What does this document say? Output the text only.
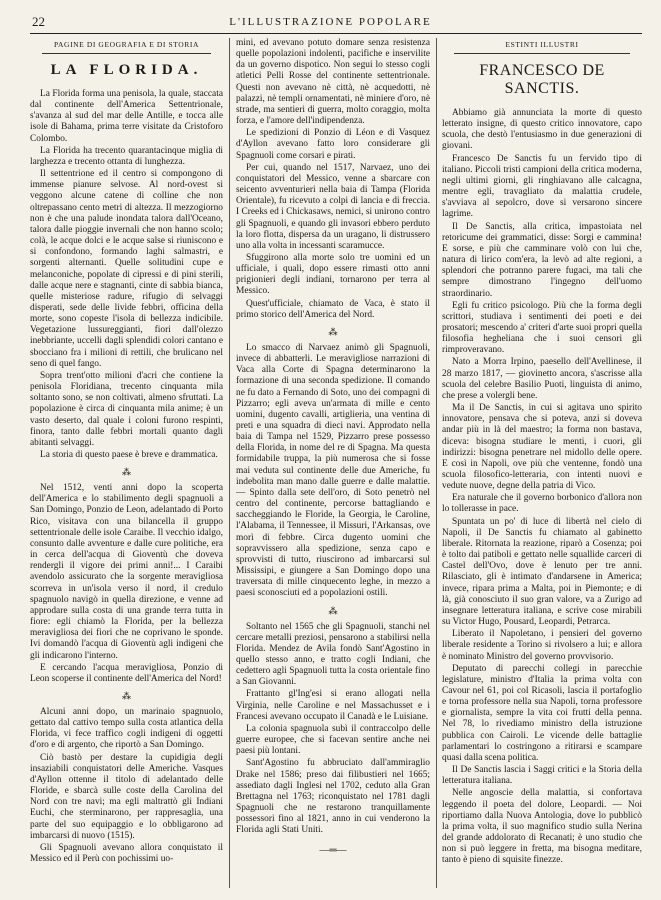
22	L'ILLUSTRAZIONE POPOLARE
PAGINE DI GEOGRAFIA E DI STORIA
LA FLORIDA.

La Florida forma una penisola, la quale, staccata dal continente dell'America Settentrionale, s'avanza al sud del mar delle Antille, e tocca alle isole di Bahama, prima terre visitate da Cristoforo Colombo.

La Florida ha trecento quarantacinque miglia di larghezza e trecento ottanta di lunghezza.

Il settentrione ed il centro si compongono di immense pianure selvose. Al nord-ovest si veggono alcune catene di colline che non oltrepassano cento metri di altezza. Il mezzogiorno non è che una palude inondata talora dall'Oceano, talora dalle pioggie invernali che non hanno scolo; colà, le acque dolci e le acque salse si riuniscono e si confondono, formando laghi salmastri, e sorgenti alternanti. Quelle solitudini cupe e melanconiche, popolate di cipressi e di pini sterili, dalle acque nere e stagnanti, cinte di sabbia bianca, quelle misteriose radure, rifugio di selvaggi disperati, sede delle livide febbri, officina della morte, sono copeste l'isola di bellezza indicibile. Vegetazione lussureggianti, fiori dall'olezzo inebbriante, uccelli dagli splendidi colori cantano e sbocciano fra i milioni di rettili, che brulicano nel seno di quel fango.

Sopra trent'otto milioni d'acri che contiene la penisola Floridiana, trecento cinquanta mila soltanto sono, se non coltivati, almeno sfruttati. La popolazione è circa di cinquanta mila anime; è un vasto deserto, dal quale i coloni furono respinti, finora, tanto dalle febbri mortali quanto dagli abitanti selvaggi.

La storia di questo paese è breve e drammatica.

⁂

Nel 1512, venti anni dopo la scoperta dell'America e lo stabilimento degli spagnuoli a San Domingo, Ponzio de Leon, adelantado di Porto Rico, visitava con una bilancella il gruppo settentrionale delle isole Caraibe. Il vecchio idalgo, consunto dalle avventure e dalle cure politiche, era in cerca dell'acqua di Gioventù che doveva rendergli il vigore dei primi anni!... I Caraibi avendolo assicurato che la sorgente meravigliosa scorreva in un'isola verso il nord, il credulo spagnuolo navigò in quella direzione, e venne ad approdare sulla costa di una grande terra tutta in fiore: egli chiamò la Florida, per la bellezza meravigliosa dei fiori che ne coprivano le sponde. Ivi domandò l'acqua di Gioventù agli indigeni che gli indicarono l'interno.

E cercando l'acqua meravigliosa, Ponzio di Leon scoperse il continente dell'America del Nord!

⁂

Alcuni anni dopo, un marinaio spagnuolo, gettato dal cattivo tempo sulla costa atlantica della Florida, vi fece traffico cogli indigeni di oggetti d'oro e di argento, che riportò a San Domingo.

Ciò bastò per destare la cupidigia degli insaziabili conquistatori delle Americhe. Vasques d'Ayllon ottenne il titolo di adelantado delle Floride, e sbarcà sulle coste della Carolina del Nord con tre navi; ma egli maltrattò gli Indiani Euchi, che sterminarono, per rappresaglia, una parte del suo equipaggio e lo obbligarono ad imbarcarsi di nuovo (1515).

Gli Spagnuoli avevano allora conquistato il Messico ed il Perù con pochissimi uo-

mini, ed avevano potuto domare senza resistenza quelle popolazioni indolenti, pacifiche e inservilite da un governo dispotico. Non segui lo stesso cogli atletici Pelli Rosse del continente settentrionale. Questi non avevano nè città, nè acquedotti, nè palazzi, nè templi ornamentati, nè miniere d'oro, nè strade, ma sentieri di guerra, molto coraggio, molta forza, e l'amore dell'indipendenza.

Le spedizioni di Ponzio di Léon e di Vasquez d'Ayllon avevano fatto loro considerare gli Spagnuoli come corsari e pirati.

Per cui, quando nel 1517, Narvaez, uno dei conquistatori del Messico, venne a sbarcare con seicento avventurieri nella baia di Tampa (Florida Orientale), fu ricevuto a colpi di lancia e di freccia. I Creeks ed i Chickasaws, nemici, si unirono contro gli Spagnuoli, e quando gli invasori ebbero perduto la loro flotta, dispersa da un uragano, li distrussero uno alla volta in incessanti scaramucce.

Sfuggirono alla morte solo tre uomini ed un ufficiale, i quali, dopo essere rimasti otto anni prigionieri degli indiani, tornarono per terra al Messico.

Quest'ufficiale, chiamato de Vaca, è stato il primo storico dell'America del Nord.

⁂

Lo smacco di Narvaez animò gli Spagnuoli, invece di abbatterli. Le meravigliose narrazioni di Vaca alla Corte di Spagna determinarono la formazione di una seconda spedizione. Il comando ne fu dato a Fernando di Soto, uno dei compagni di Pizzarro; egli aveva un'armata di mille e cento uomini, dugento cavalli, artiglieria, una ventina di preti e una squadra di dieci navi. Approdato nella baia di Tampa nel 1529, Pizzarro prese possesso della Florida, in nome del re di Spagna. Ma questa formidabile truppa, la più numerosa che si fosse mai veduta sul continente delle due Americhe, fu indebolita man mano dalle guerre e dalle malattie. — Spinto dalla sete dell'oro, di Soto penetrò nel centro del continente, percorse battagliando e saccheggiando le Floride, la Georgia, le Caroline, l'Alabama, il Tennessee, il Missuri, l'Arkansas, ove morì di febbre. Circa dugento uomini che sopravvissero alla spedizione, senza capo e sprovvisti di tutto, riuscirono ad imbarcarsi sul Mississipi, e giungere a San Domingo dopo una traversata di mille cinquecento leghe, in mezzo a paesi sconosciuti ed a popolazioni ostili.

⁂

Soltanto nel 1565 che gli Spagnuoli, stanchi nel cercare metalli preziosi, pensarono a stabilirsi nella Florida. Mendez de Avila fondò Sant'Agostino in quello stesso anno, e tratto cogli Indiani, che cedettero agli Spagnuoli tutta la costa orientale fino a San Giovanni.

Frattanto gl'Ing'esi si erano allogati nella Virginia, nelle Caroline e nel Massachusset e i Francesi avevano occupato il Canadà e le Luisiane.

La colonia spagnuola subì il contraccolpo delle guerre europee, che si facevan sentire anche nei paesi più lontani.

Sant'Agostino fu abbruciato dall'ammiraglio Drake nel 1586; preso dai filibustieri nel 1665; assediato dagli Inglesi nel 1702, ceduto alla Gran Brettagna nel 1763; riconquistato nel 1781 dagli Spagnuoli che ne restarono tranquillamente possessori fino al 1821, anno in cui venderono la Florida agli Stati Uniti.

—═—
ESTINTI ILLUSTRI
FRANCESCO DE SANCTIS.

Abbiamo già annunciata la morte di questo letterato insigne, di questo critico innovatore, capo scuola, che destò l'entusiasmo in due generazioni di giovani.

Francesco De Sanctis fu un fervido tipo di italiano. Piccoli tristi campioni della critica moderna, negli ultimi giorni, gli ringhiavano alle calcagna, mentre egli, travagliato da malattia crudele, s'avviava al sepolcro, dove si versarono sincere lagrime.

Il De Sanctis, alla critica, impastoiata nel retoricume dei grammatici, disse: Sorgi e cammina! E sorse, e più che camminare volò con lui che, natura di lirico com'era, la levò ad alte regioni, a splendori che potranno parere fugaci, ma tali che sempre dimostrano l'ingegno dell'uomo straordinario.

Egli fu critico psicologo. Più che la forma degli scrittori, studiava i sentimenti dei poeti e dei prosatori; mescendo a' criteri d'arte suoi propri quella filosofia hegheliana che i suoi censori gli rimproveravano.

Nato a Morra Irpino, paesello dell'Avellinese, il 28 marzo 1817, — giovinetto ancora, s'ascrisse alla scuola del celebre Basilio Puoti, linguista di animo, che prese a volergli bene.

Ma il De Sanctis, in cui si agitava uno spirito innovatore, pensava che si poteva, anzi si doveva andar più in là del maestro; la forma non bastava, diceva: bisogna studiare le menti, i cuori, gli indirizzi: bisogna penetrare nel midollo delle opere. E così in Napoli, ove più che ventenne, fondò una scuola filosofico-letteraria, con intenti nuovi e vedute nuove, degne della patria di Vico.

Era naturale che il governo borbonico d'allora non lo tollerasse in pace.

Spuntata un po' di luce di libertà nel cielo di Napoli, il De Sanctis fu chiamato al gabinetto liberale. Ritornata la reazione, riparò a Cosenza; poi è tolto dai patiboli e gettato nelle squallide carceri di Castel dell'Ovo, dove è lenuto per tre anni. Rilasciato, gli è intimato d'andarsene in America; invece, ripara prima a Malta, poi in Piemonte; e di là, già conosciuto il suo gran valore, va a Zurigo ad insegnare letteratura italiana, e scrive cose mirabili su Victor Hugo, Pousard, Leopardi, Petrarca.

Liberato il Napoletano, i pensieri del governo liberale residente a Torino si rivolsero a lui; e allora è nominato Ministro del governo provvisorio.

Deputato di parecchi collegi in parecchie legislature, ministro d'Italia la prima volta con Cavour nel 61, poi col Ricasoli, lascia il portafoglio e torna professore nella sua Napoli, torna professore e giornalista, sempre la vita coi frutti della penna. Nel 78, lo rivediamo ministro della istruzione pubblica con Cairoli. Le vicende delle battaglie parlamentari lo costringono a ritirarsi e scampare quasi dalla scena politica.

Il De Sanctis lascia i Saggi critici e la Storia della letteratura italiana.

Nelle angoscie della malattia, si confortava leggendo il poeta del dolore, Leopardi. — Noi riportiamo dalla Nuova Antologia, dove lo pubblicò la prima volta, il suo magnifico studio sulla Nerina del grande addolorato di Recanati; è uno studio che non si può leggere in fretta, ma bisogna meditare, tanto è pieno di squisite finezze.
